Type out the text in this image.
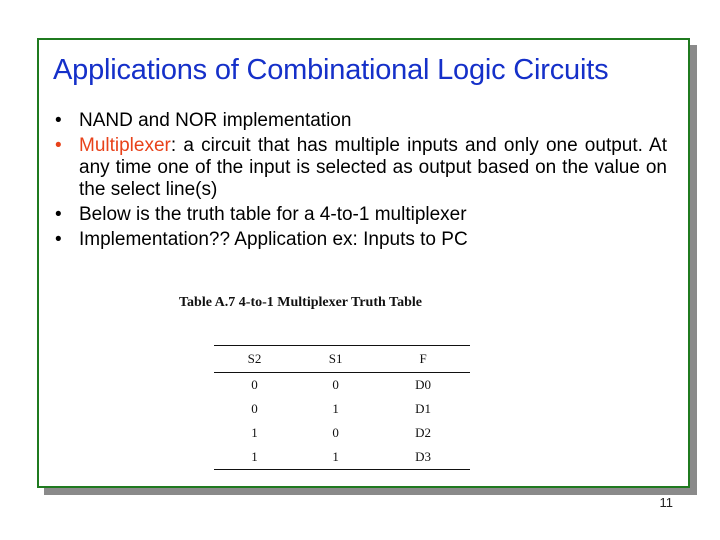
Applications of Combinational Logic Circuits
• NAND and NOR implementation
• Multiplexer: a circuit that has multiple inputs and only one output. At any time one of the input is selected as output based on the value on the select line(s)
• Below is the truth table for a 4-to-1 multiplexer
• Implementation?? Application ex: Inputs to PC
Table A.7 4-to-1 Multiplexer Truth Table
S2	S1	F
0	0	D0
0	1	D1
1	0	D2
1	1	D3
11
